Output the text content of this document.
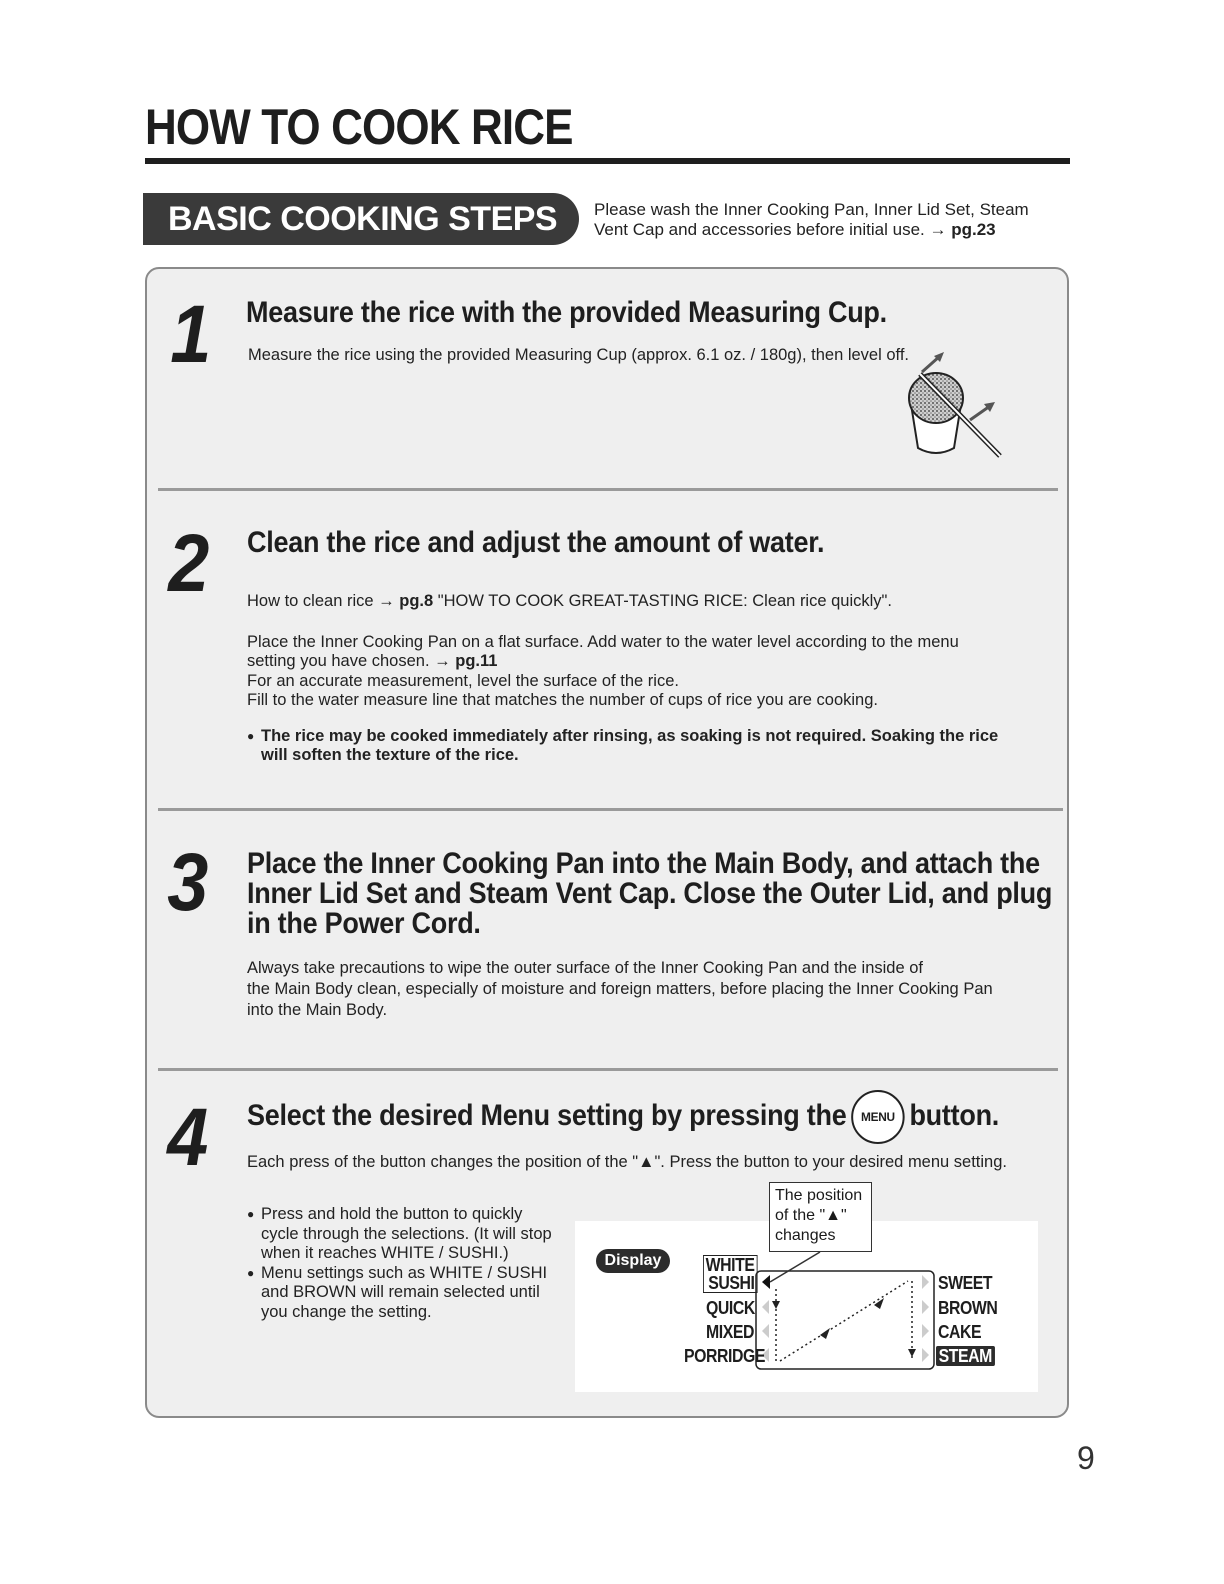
HOW TO COOK RICE
BASIC COOKING STEPS	Please wash the Inner Cooking Pan, Inner Lid Set, Steam
Vent Cap and accessories before initial use. → pg.23
1 Measure the rice with the provided Measuring Cup.

Measure the rice using the provided Measuring Cup (approx. 6.1 oz. / 180g), then level off.

2 Clean the rice and adjust the amount of water.

How to clean rice → pg.8 "HOW TO COOK GREAT-TASTING RICE: Clean rice quickly".

Place the Inner Cooking Pan on a flat surface. Add water to the water level according to the menu

setting you have chosen. → pg.11

For an accurate measurement, level the surface of the rice.

Fill to the water measure line that matches the number of cups of rice you are cooking.

● The rice may be cooked immediately after rinsing, as soaking is not required. Soaking the rice
will soften the texture of the rice.
3 Place the Inner Cooking Pan into the Main Body, and attach the
Inner Lid Set and Steam Vent Cap. Close the Outer Lid, and plug
in the Power Cord.

Always take precautions to wipe the outer surface of the Inner Cooking Pan and the inside of

the Main Body clean, especially of moisture and foreign matters, before placing the Inner Cooking Pan

into the Main Body.

4 Select the desired Menu setting by pressing the MENU button.

Each press of the button changes the position of the "▲". Press the button to your desired menu setting.

● Press and hold the button to quickly
cycle through the selections. (It will stop
when it reaches WHITE / SUSHI.)
● Menu settings such as WHITE / SUSHI
and BROWN will remain selected until
you change the setting.
Display
The position
of the "▲"
changes
WHITE
SUSHI
QUICK
MIXED
PORRIDGE
SWEET
BROWN
CAKE
STEAM
9
